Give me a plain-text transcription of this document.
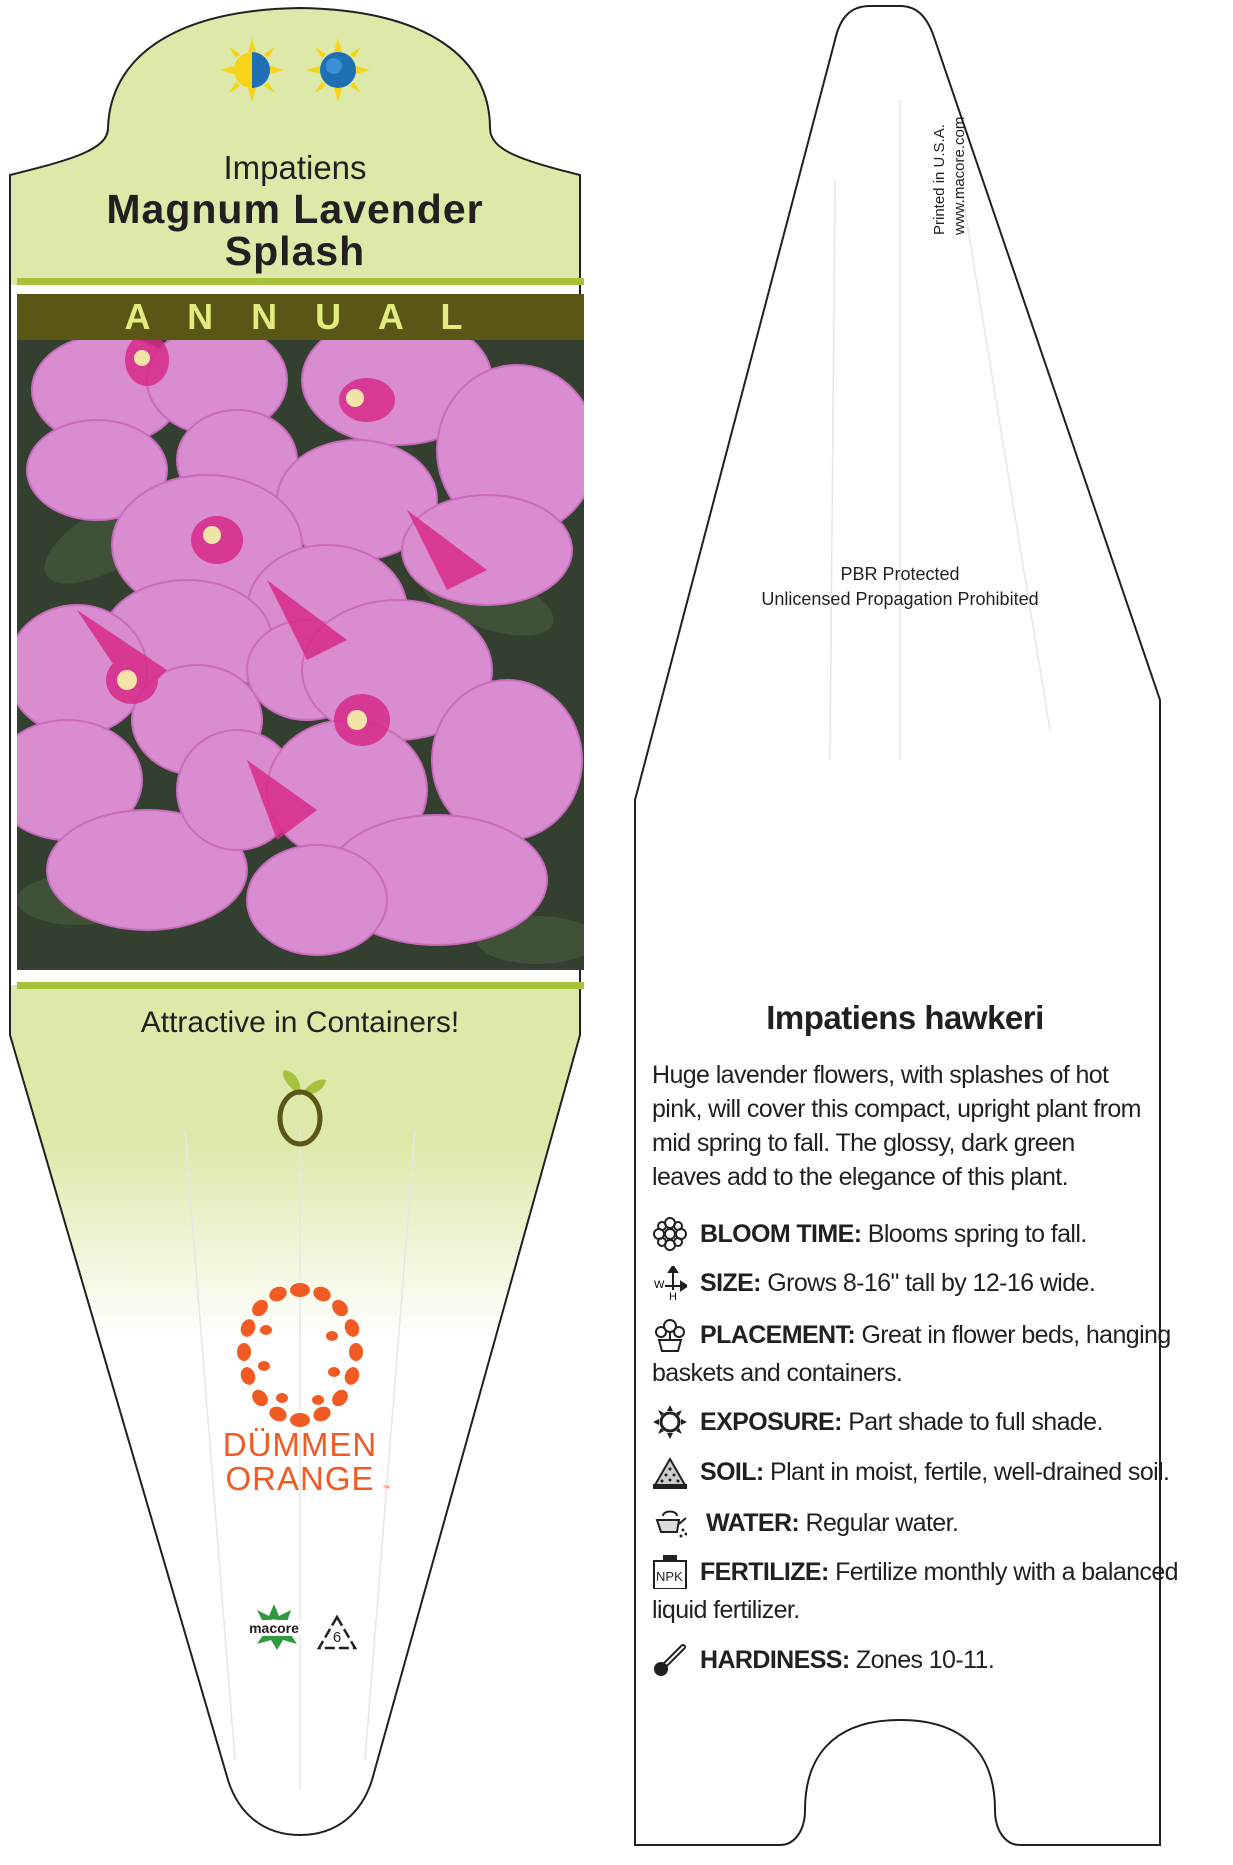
Impatiens
Magnum Lavender
Splash
A N N U A L
Attractive in Containers!
DÜMMEN
ORANGE ™
macore
6
Printed in U.S.A. www.macore.com
PBR Protected
Unlicensed Propagation Prohibited
Impatiens hawkeri
Huge lavender flowers, with splashes of hot pink, will cover this compact, upright plant from mid spring to fall. The glossy, dark green leaves add to the elegance of this plant.
W
H
NPK
BLOOM TIME: Blooms spring to fall.
SIZE: Grows 8-16" tall by 12-16 wide.
PLACEMENT: Great in flower beds, hanging
baskets and containers.
EXPOSURE: Part shade to full shade.
SOIL: Plant in moist, fertile, well-drained soil.
WATER: Regular water.
FERTILIZE: Fertilize monthly with a balanced
liquid fertilizer.
HARDINESS: Zones 10-11.
